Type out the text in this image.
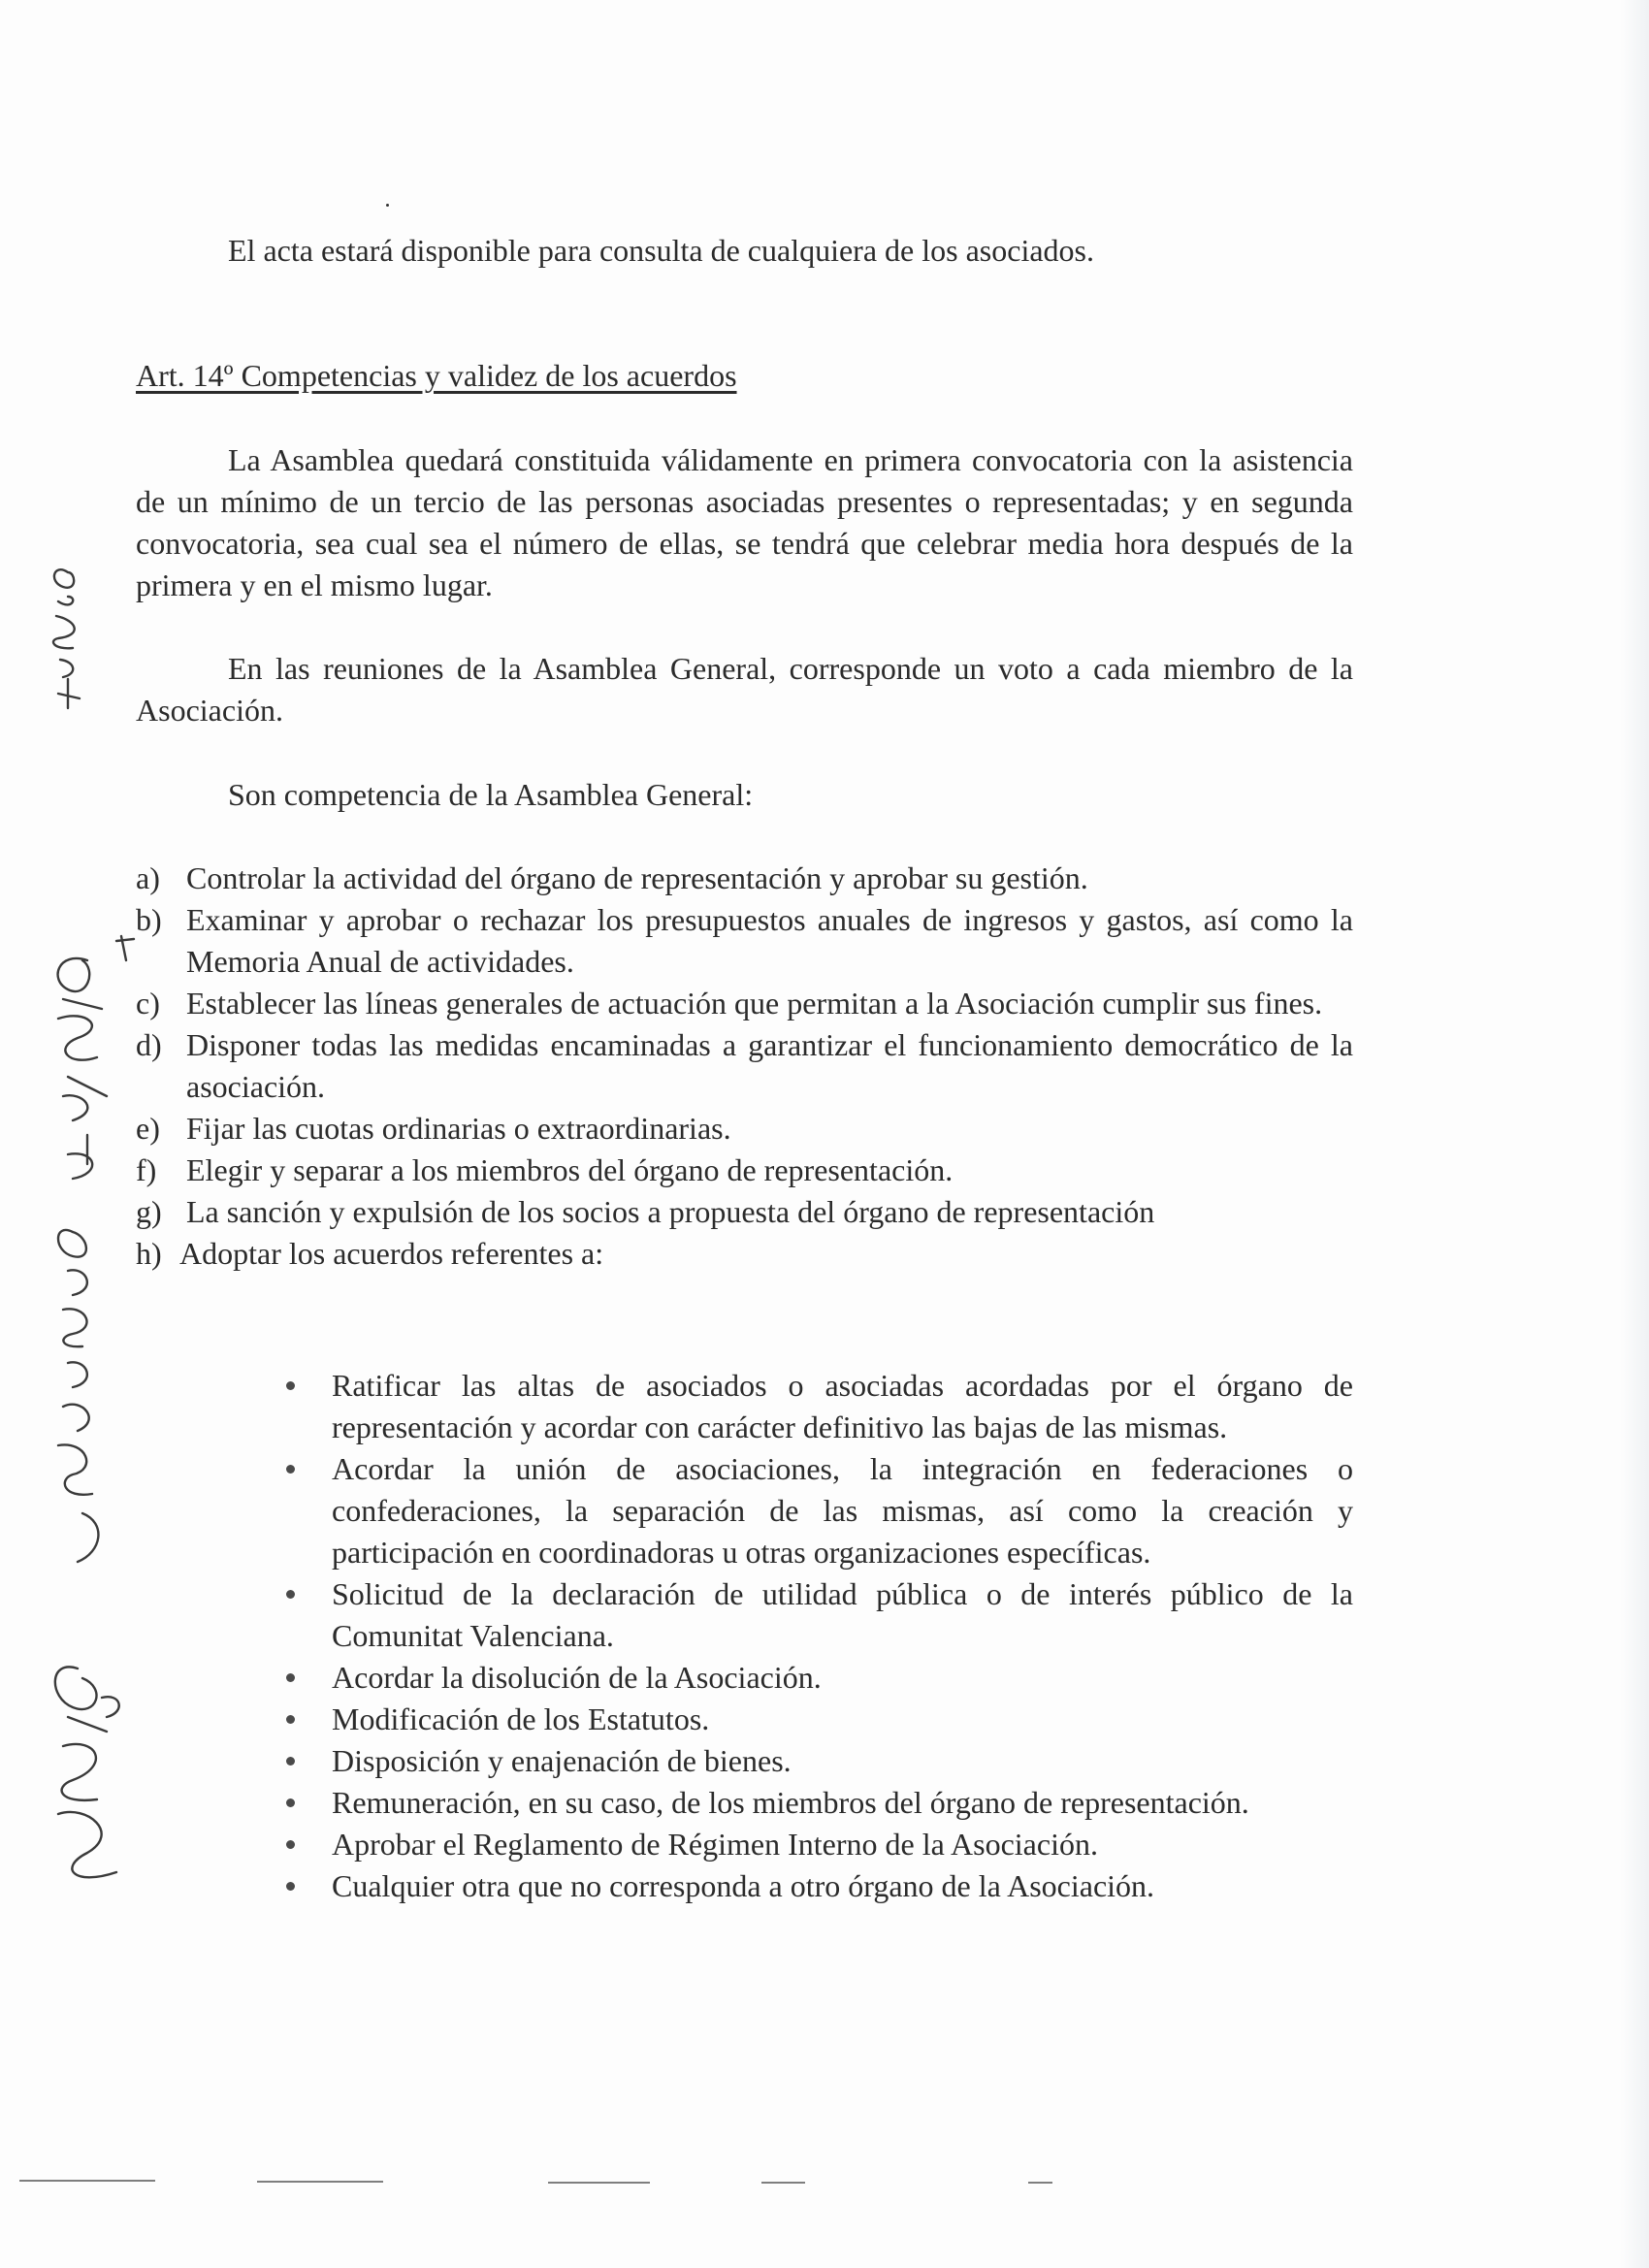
El acta estará disponible para consulta de cualquiera de los asociados.

Art. 14º Competencias y validez de los acuerdos

La Asamblea quedará constituida válidamente en primera convocatoria con la asistencia de un mínimo de un tercio de las personas asociadas presentes o representadas; y en segunda convocatoria, sea cual sea el número de ellas, se tendrá que celebrar media hora después de la primera y en el mismo lugar.

En las reuniones de la Asamblea General, corresponde un voto a cada miembro de la Asociación.

Son competencia de la Asamblea General:

a) Controlar la actividad del órgano de representación y aprobar su gestión.
b) Examinar y aprobar o rechazar los presupuestos anuales de ingresos y gastos, así como la Memoria Anual de actividades.
c) Establecer las líneas generales de actuación que permitan a la Asociación cumplir sus fines.
d) Disponer todas las medidas encaminadas a garantizar el funcionamiento democrático de la asociación.
e) Fijar las cuotas ordinarias o extraordinarias.
f) Elegir y separar a los miembros del órgano de representación.
g) La sanción y expulsión de los socios a propuesta del órgano de representación
h) Adoptar los acuerdos referentes a:
Ratificar las altas de asociados o asociadas acordadas por el órgano de representación y acordar con carácter definitivo las bajas de las mismas.
Acordar la unión de asociaciones, la integración en federaciones o confederaciones, la separación de las mismas, así como la creación y participación en coordinadoras u otras organizaciones específicas.
Solicitud de la declaración de utilidad pública o de interés público de la Comunitat Valenciana.
Acordar la disolución de la Asociación.
Modificación de los Estatutos.
Disposición y enajenación de bienes.
Remuneración, en su caso, de los miembros del órgano de representación.
Aprobar el Reglamento de Régimen Interno de la Asociación.
Cualquier otra que no corresponda a otro órgano de la Asociación.
